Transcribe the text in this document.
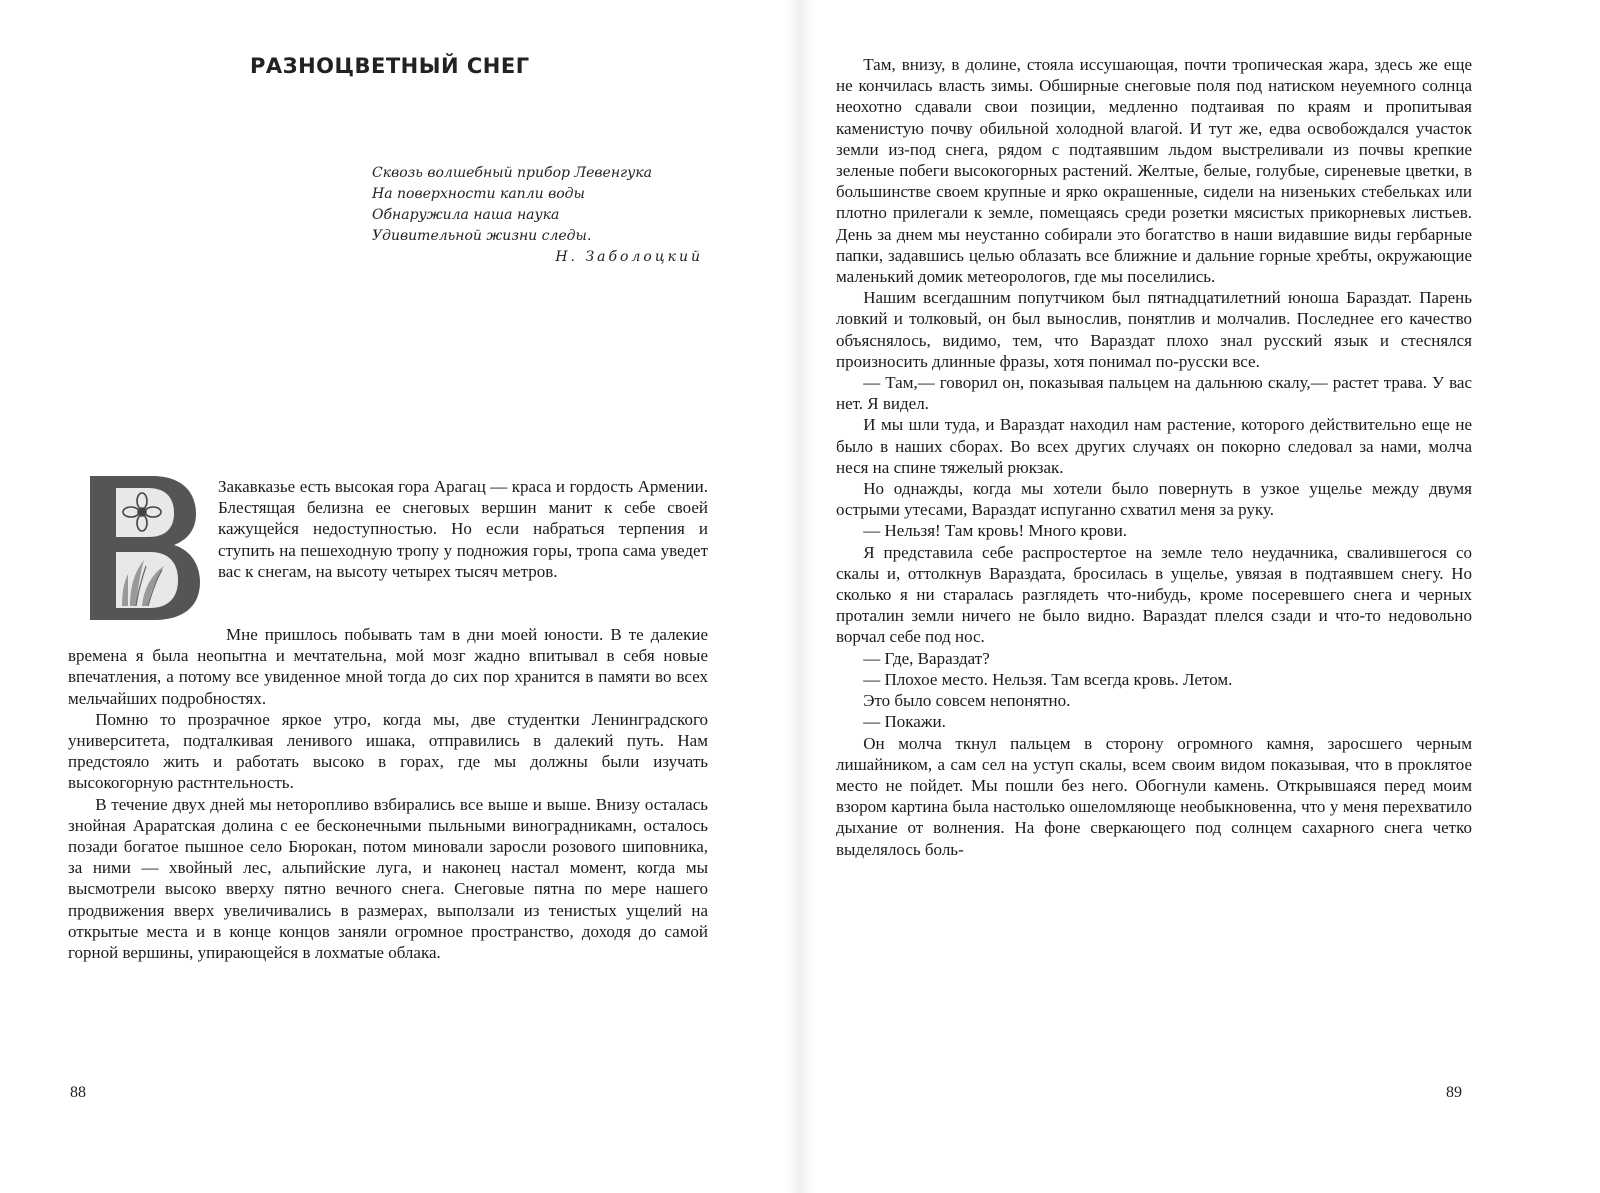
РАЗНОЦВЕТНЫЙ СНЕГ
Сквозь волшебный прибор Левенгука
На поверхности капли воды
Обнаружила наша наука
Удивительной жизни следы.
Н. Заболоцкий

Закавказье есть высокая гора Арагац — краса и гордость Армении. Блестящая белизна ее снеговых вершин манит к себе своей кажущейся недоступностью. Но если набраться терпения и ступить на пешеходную тропу у подножия горы, тропа сама уведет вас к снегам, на высоту четырех тысяч метров.

Мне пришлось побывать там в дни моей юности. В те далекие времена я была неопытна и мечтательна, мой мозг жадно впитывал в себя новые впечатления, а потому все увиденное мной тогда до сих пор хранится в памяти во всех мельчайших подробностях.

Помню то прозрачное яркое утро, когда мы, две студентки Ленинградского университета, подталкивая ленивого ишака, отправились в далекий путь. Нам предстояло жить и работать высоко в горах, где мы должны были изучать высокогорную растнтельность.

В течение двух дней мы неторопливо взбирались все выше и выше. Внизу осталась знойная Араратская долина с ее бесконечными пыльными виноградникамн, осталось позади богатое пышное село Бюрокан, потом миновали заросли розового шиповника, за ними — хвойный лес, альпийские луга, и наконец настал момент, когда мы высмотрели высоко вверху пятно вечного снега. Снеговые пятна по мере нашего продвижения вверх увеличивались в размерах, выползали из тенистых ущелий на открытые места и в конце концов заняли огромное пространство, доходя до самой горной вершины, упирающейся в лохматые облака.

88

Там, внизу, в долине, стояла иссушающая, почти тропическая жара, здесь же еще не кончилась власть зимы. Обширные снеговые поля под натиском неуемного солнца неохотно сдавали свои позиции, медленно подтаивая по краям и пропитывая каменистую почву обильной холодной влагой. И тут же, едва освобождался участок земли из-под снега, рядом с подтаявшим льдом выстреливали из почвы крепкие зеленые побеги высокогорных растений. Желтые, белые, голубые, сиреневые цветки, в большинстве своем крупные и ярко окрашенные, сидели на низеньких стебельках или плотно прилегали к земле, помещаясь среди розетки мясистых прикорневых листьев. День за днем мы неустанно собирали это богатство в наши видавшие виды гербарные папки, задавшись целью облазать все ближние и дальние горные хребты, окружающие маленький домик метеорологов, где мы поселились.

Нашим всегдашним попутчиком был пятнадцатилетний юноша Бараздат. Парень ловкий и толковый, он был вынослив, понятлив и молчалив. Последнее его качество объяснялось, видимо, тем, что Вараздат плохо знал русский язык и стеснялся произносить длинные фразы, хотя понимал по-русски все.

— Там,— говорил он, показывая пальцем на дальнюю скалу,— растет трава. У вас нет. Я видел.

И мы шли туда, и Вараздат находил нам растение, которого действительно еще не было в наших сборах. Во всех других случаях он покорно следовал за нами, молча неся на спине тяжелый рюкзак.

Но однажды, когда мы хотели было повернуть в узкое ущелье между двумя острыми утесами, Вараздат испуганно схватил меня за руку.

— Нельзя! Там кровь! Много крови.

Я представила себе распростертое на земле тело неудачника, свалившегося со скалы и, оттолкнув Вараздата, бросилась в ущелье, увязая в подтаявшем снегу. Но сколько я ни старалась разглядеть что-нибудь, кроме посеревшего снега и черных проталин земли ничего не было видно. Вараздат плелся сзади и что-то недовольно ворчал себе под нос.

— Где, Вараздат?

— Плохое место. Нельзя. Там всегда кровь. Летом.

Это было совсем непонятно.

— Покажи.

Он молча ткнул пальцем в сторону огромного камня, заросшего черным лишайником, а сам сел на уступ скалы, всем своим видом показывая, что в проклятое место не пойдет. Мы пошли без него. Обогнули камень. Открывшаяся перед моим взором картина была настолько ошеломляюще необыкновенна, что у меня перехватило дыхание от волнения. На фоне сверкающего под солнцем сахарного снега четко выделялось боль-

89
